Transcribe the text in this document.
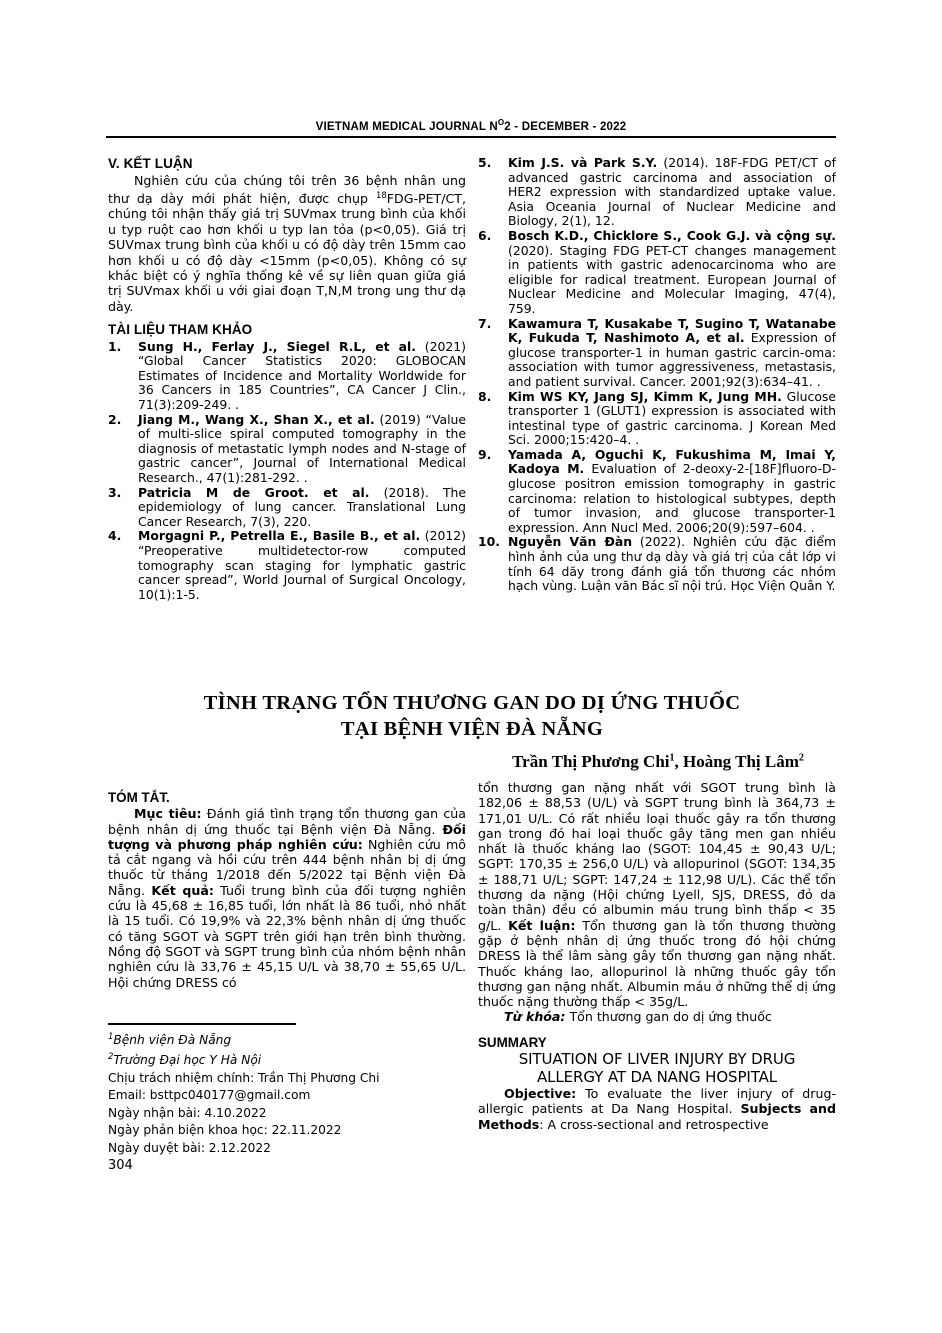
VIETNAM MEDICAL JOURNAL $N^O2$ - DECEMBER - 2022
V. KẾT LUẬN

Nghiên cứu của chúng tôi trên 36 bệnh nhân ung thư dạ dày mới phát hiện, được chụp $^{18}$FDG-PET/CT, chúng tôi nhận thấy giá trị SUVmax trung bình của khối u typ ruột cao hơn khối u typ lan tỏa (p<0,05). Giá trị SUVmax trung bình của khối u có độ dày trên 15mm cao hơn khối u có độ dày <15mm (p<0,05). Không có sự khác biệt có ý nghĩa thống kê về sự liên quan giữa giá trị SUVmax khối u với giai đoạn T,N,M trong ung thư dạ dày.

TÀI LIỆU THAM KHẢO
1.	Sung H., Ferlay J., Siegel R.L, et al. (2021) “Global Cancer Statistics 2020: GLOBOCAN Estimates of Incidence and Mortality Worldwide for 36 Cancers in 185 Countries”, CA Cancer J Clin., 71(3):209-249. .
2.	Jiang M., Wang X., Shan X., et al. (2019) “Value of multi-slice spiral computed tomography in the diagnosis of metastatic lymph nodes and N-stage of gastric cancer”, Journal of International Medical Research., 47(1):281-292. .
3.	Patricia M de Groot. et al. (2018). The epidemiology of lung cancer. Translational Lung Cancer Research, 7(3), 220.
4.	Morgagni P., Petrella E., Basile B., et al. (2012) “Preoperative multidetector-row computed tomography scan staging for lymphatic gastric cancer spread”, World Journal of Surgical Oncology, 10(1):1-5.
5.	Kim J.S. và Park S.Y. (2014). 18F-FDG PET/CT of advanced gastric carcinoma and association of HER2 expression with standardized uptake value. Asia Oceania Journal of Nuclear Medicine and Biology, 2(1), 12.
6.	Bosch K.D., Chicklore S., Cook G.J. và cộng sự. (2020). Staging FDG PET-CT changes management in patients with gastric adenocarcinoma who are eligible for radical treatment. European Journal of Nuclear Medicine and Molecular Imaging, 47(4), 759.
7.	Kawamura T, Kusakabe T, Sugino T, Watanabe K, Fukuda T, Nashimoto A, et al. Expression of glucose transporter-1 in human gastric carcin-oma: association with tumor aggressiveness, metastasis, and patient survival. Cancer. 2001;92(3):634–41. .
8.	Kim WS KY, Jang SJ, Kimm K, Jung MH. Glucose transporter 1 (GLUT1) expression is associated with intestinal type of gastric carcinoma. J Korean Med Sci. 2000;15:420–4. .
9.	Yamada A, Oguchi K, Fukushima M, Imai Y, Kadoya M. Evaluation of 2-deoxy-2-[18F]fluoro-D-glucose positron emission tomography in gastric carcinoma: relation to histological subtypes, depth of tumor invasion, and glucose transporter-1 expression. Ann Nucl Med. 2006;20(9):597–604. .
10. Nguyễn Văn Đàn (2022). Nghiên cứu đặc điểm hình ảnh của ung thư dạ dày và giá trị của cắt lớp vi tính 64 dãy trong đánh giá tổn thương các nhóm hạch vùng. Luận văn Bác sĩ nội trú. Học Viện Quân Y.
TÌNH TRẠNG TỔN THƯƠNG GAN DO DỊ ỨNG THUỐC
TẠI BỆNH VIỆN ĐÀ NẴNG
Trần Thị Phương Chi$^1$, Hoàng Thị Lâm$^2$
TÓM TẮT.

Mục tiêu: Đánh giá tình trạng tổn thương gan của bệnh nhân dị ứng thuốc tại Bệnh viện Đà Nẵng. Đối tượng và phương pháp nghiên cứu: Nghiên cứu mô tả cắt ngang và hồi cứu trên 444 bệnh nhân bị dị ứng thuốc từ tháng 1/2018 đến 5/2022 tại Bệnh viện Đà Nẵng. Kết quả: Tuổi trung bình của đối tượng nghiên cứu là 45,68 ± 16,85 tuổi, lớn nhất là 86 tuổi, nhỏ nhất là 15 tuổi. Có 19,9% và 22,3% bệnh nhân dị ứng thuốc có tăng SGOT và SGPT trên giới hạn trên bình thường. Nồng độ SGOT và SGPT trung bình của nhóm bệnh nhân nghiên cứu là 33,76 ± 45,15 U/L và 38,70 ± 55,65 U/L. Hội chứng DRESS có

tổn thương gan nặng nhất với SGOT trung bình là 182,06 ± 88,53 (U/L) và SGPT trung bình là 364,73 ± 171,01 U/L. Có rất nhiều loại thuốc gây ra tổn thương gan trong đó hai loại thuốc gây tăng men gan nhiều nhất là thuốc kháng lao (SGOT: 104,45 ± 90,43 U/L; SGPT: 170,35 ± 256,0 U/L) và allopurinol (SGOT: 134,35 ± 188,71 U/L; SGPT: 147,24 ± 112,98 U/L). Các thể tổn thương da nặng (Hội chứng Lyell, SJS, DRESS, đỏ da toàn thân) đều có albumin máu trung bình thấp < 35 g/L. Kết luận: Tổn thương gan là tổn thương thường gặp ở bệnh nhân dị ứng thuốc trong đó hội chứng DRESS là thể lâm sàng gây tổn thương gan nặng nhất. Thuốc kháng lao, allopurinol là những thuốc gây tổn thương gan nặng nhất. Albumin máu ở những thể dị ứng thuốc nặng thường thấp < 35g/L.

Từ khóa: Tổn thương gan do dị ứng thuốc

SUMMARY
SITUATION OF LIVER INJURY BY DRUG
ALLERGY AT DA NANG HOSPITAL

Objective: To evaluate the liver injury of drug-allergic patients at Da Nang Hospital. Subjects and Methods: A cross-sectional and retrospective

$^1$Bệnh viện Đà Nẵng
$^2$Trường Đại học Y Hà Nội
Chịu trách nhiệm chính: Trần Thị Phương Chi
Email: bsttpc040177@gmail.com
Ngày nhận bài: 4.10.2022
Ngày phản biện khoa học: 22.11.2022
Ngày duyệt bài: 2.12.2022
304
